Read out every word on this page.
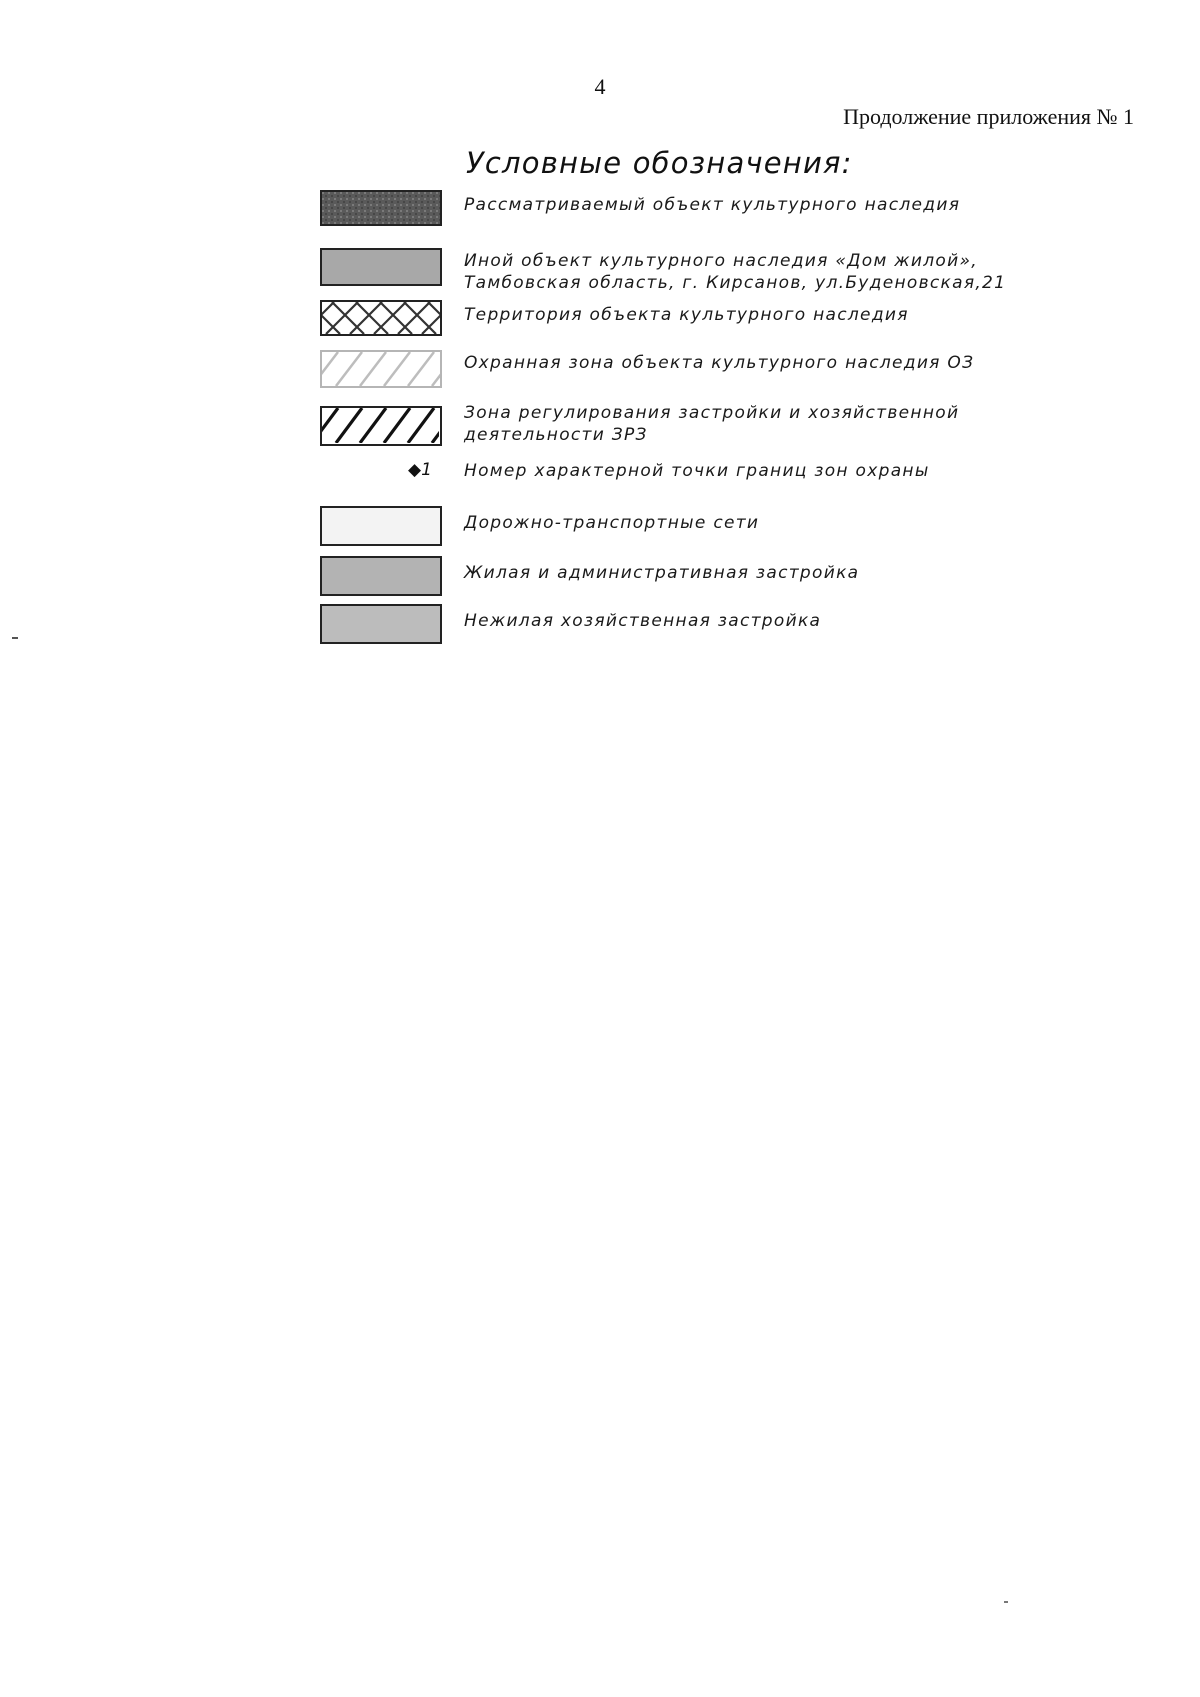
4
Продолжение приложения № 1
Условные обозначения:
Рассматриваемый объект культурного наследия
Иной объект культурного наследия «Дом жилой»,
Тамбовская область, г. Кирсанов, ул.Буденовская,21
Территория объекта культурного наследия
Охранная зона объекта культурного наследия ОЗ
Зона регулирования застройки и хозяйственной
деятельности ЗРЗ
◆1 Номер характерной точки границ зон охраны
Дорожно-транспортные сети
Жилая и административная застройка
Нежилая хозяйственная застройка
